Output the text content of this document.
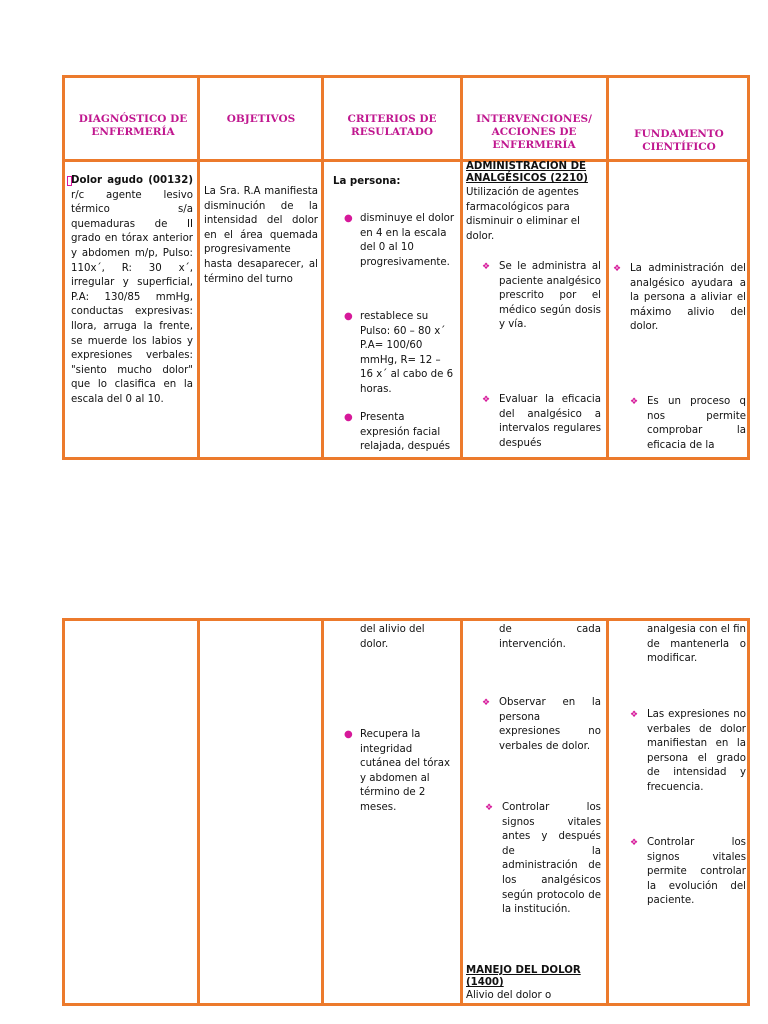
DIAGNÓSTICO DE ENFERMERÍA
OBJETIVOS	CRITERIOS DE RESULATADO
INTERVENCIONES/ ACCIONES DE ENFERMERÍA
FUNDAMENTO CIENTÍFICO
Dolor agudo (00132) r/c agente lesivo térmico s/a quemaduras de II grado en tórax anterior y abdomen m/p, Pulso: 110x´, R: 30 x´, irregular y superficial, P.A: 130/85 mmHg, conductas expresivas: llora, arruga la frente, se muerde los labios y expresiones verbales: "siento mucho dolor" que lo clasifica en la escala del 0 al 10.
La Sra. R.A manifiesta disminución de la intensidad del dolor en el área quemada progresivamente hasta desaparecer, al término del turno
La persona:
● disminuye el dolor en 4 en la escala del 0 al 10 progresivamente.
● restablece su Pulso: 60 – 80 x´ P.A= 100/60 mmHg, R= 12 – 16 x´ al cabo de 6 horas.
● Presenta expresión facial relajada, después
ADMINISTRACION DE ANALGÉSICOS (2210)
Utilización de agentes farmacológicos para disminuir o eliminar el dolor.
❖ Se le administra al paciente analgésico prescrito por el médico según dosis y vía.
❖ Evaluar la eficacia del analgésico a intervalos regulares después
❖ La administración del analgésico ayudara a la persona a aliviar el máximo alivio del dolor.
❖ Es un proceso q nos permite comprobar la eficacia de la
del alivio del dolor.
● Recupera la integridad cutánea del tórax y abdomen al término de 2 meses.
de cada intervención.
❖ Observar en la persona expresiones no verbales de dolor.
❖ Controlar los signos vitales antes y después de la administración de los analgésicos según protocolo de la institución.
MANEJO DEL DOLOR (1400)
Alivio del dolor o
analgesia con el fin de mantenerla o modificar.
❖ Las expresiones no verbales de dolor manifiestan en la persona el grado de intensidad y frecuencia.
❖ Controlar los signos vitales permite controlar la evolución del paciente.
